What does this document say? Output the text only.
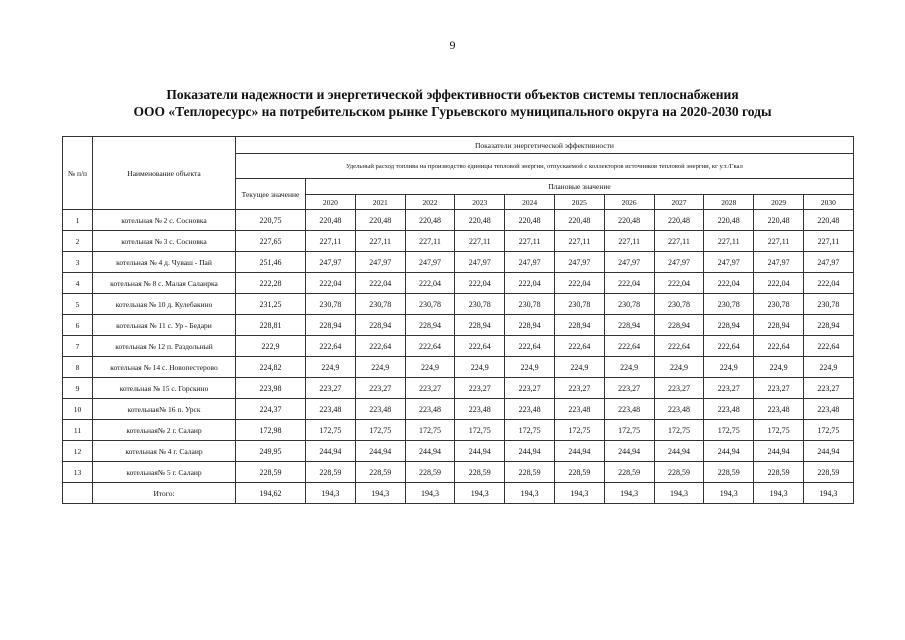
9
Показатели надежности и энергетической эффективности объектов системы теплоснабжения
ООО «Теплоресурс» на потребительском рынке Гурьевского муниципального округа на 2020-2030 годы
№ п/п	Наименование объекта	Показатели энергетической эффективности											
		Удельный расход топлива на производство единицы тепловой энергии, отпускаемой с коллекторов источников тепловой энергии, кг у.т./Гкал											
		Текущее значение	Плановые значение										
			2020	2021	2022	2023	2024	2025	2026	2027	2028	2029	2030
1	котельная № 2 с. Сосновка	220,75	220,48	220,48	220,48	220,48	220,48	220,48	220,48	220,48	220,48	220,48	220,48
2	котельная № 3 с. Сосновка	227,65	227,11	227,11	227,11	227,11	227,11	227,11	227,11	227,11	227,11	227,11	227,11
3	котельная № 4 д. Чуваш - Пай	251,46	247,97	247,97	247,97	247,97	247,97	247,97	247,97	247,97	247,97	247,97	247,97
4	котельная № 8 с. Малая Салаирка	222,28	222,04	222,04	222,04	222,04	222,04	222,04	222,04	222,04	222,04	222,04	222,04
5	котельная № 10 д. Кулебакино	231,25	230,78	230,78	230,78	230,78	230,78	230,78	230,78	230,78	230,78	230,78	230,78
6	котельная № 11 с. Ур - Бедари	228,81	228,94	228,94	228,94	228,94	228,94	228,94	228,94	228,94	228,94	228,94	228,94
7	котельная № 12 п. Раздольный	222,9	222,64	222,64	222,64	222,64	222,64	222,64	222,64	222,64	222,64	222,64	222,64
8	котельная № 14 с. Новопестерово	224,82	224,9	224,9	224,9	224,9	224,9	224,9	224,9	224,9	224,9	224,9	224,9
9	котельная № 15 с. Горскино	223,98	223,27	223,27	223,27	223,27	223,27	223,27	223,27	223,27	223,27	223,27	223,27
10	котельная№ 16 п. Урск	224,37	223,48	223,48	223,48	223,48	223,48	223,48	223,48	223,48	223,48	223,48	223,48
11	котельная№ 2 г. Салаир	172,98	172,75	172,75	172,75	172,75	172,75	172,75	172,75	172,75	172,75	172,75	172,75
12	котельная № 4 г. Салаир	249,95	244,94	244,94	244,94	244,94	244,94	244,94	244,94	244,94	244,94	244,94	244,94
13	котельная№ 5 г. Салаир	228,59	228,59	228,59	228,59	228,59	228,59	228,59	228,59	228,59	228,59	228,59	228,59
	Итого:	194,62	194,3	194,3	194,3	194,3	194,3	194,3	194,3	194,3	194,3	194,3	194,3
